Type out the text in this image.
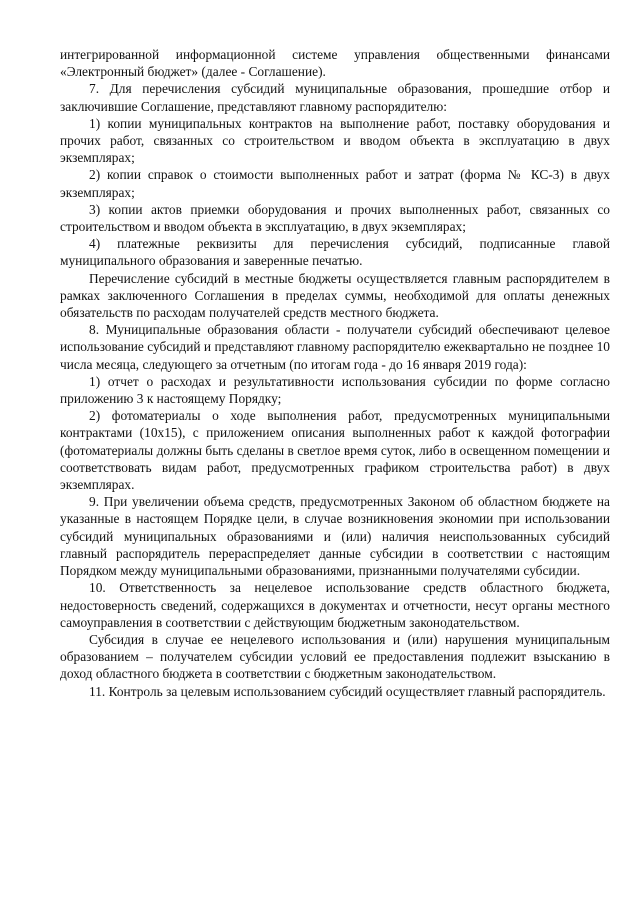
интегрированной информационной системе управления общественными финансами «Электронный бюджет» (далее - Соглашение).

7. Для перечисления субсидий муниципальные образования, прошедшие отбор и заключившие Соглашение, представляют главному распорядителю:

1) копии муниципальных контрактов на выполнение работ, поставку оборудования и прочих работ, связанных со строительством и вводом объекта в эксплуатацию в двух экземплярах;

2) копии справок о стоимости выполненных работ и затрат (форма № КС-3) в двух экземплярах;

3) копии актов приемки оборудования и прочих выполненных работ, связанных со строительством и вводом объекта в эксплуатацию, в двух экземплярах;

4) платежные реквизиты для перечисления субсидий, подписанные главой муниципального образования и заверенные печатью.

Перечисление субсидий в местные бюджеты осуществляется главным распорядителем в рамках заключенного Соглашения в пределах суммы, необходимой для оплаты денежных обязательств по расходам получателей средств местного бюджета.

8. Муниципальные образования области - получатели субсидий обеспечивают целевое использование субсидий и представляют главному распорядителю ежеквартально не позднее 10 числа месяца, следующего за отчетным (по итогам года - до 16 января 2019 года):

1) отчет о расходах и результативности использования субсидии по форме согласно приложению 3 к настоящему Порядку;

2) фотоматериалы о ходе выполнения работ, предусмотренных муниципальными контрактами (10х15), с приложением описания выполненных работ к каждой фотографии (фотоматериалы должны быть сделаны в светлое время суток, либо в освещенном помещении и соответствовать видам работ, предусмотренных графиком строительства работ) в двух экземплярах.

9. При увеличении объема средств, предусмотренных Законом об областном бюджете на указанные в настоящем Порядке цели, в случае возникновения экономии при использовании субсидий муниципальных образованиями и (или) наличия неиспользованных субсидий главный распорядитель перераспределяет данные субсидии в соответствии с настоящим Порядком между муниципальными образованиями, признанными получателями субсидии.

10. Ответственность за нецелевое использование средств областного бюджета, недостоверность сведений, содержащихся в документах и отчетности, несут органы местного самоуправления в соответствии с действующим бюджетным законодательством.

Субсидия в случае ее нецелевого использования и (или) нарушения муниципальным образованием – получателем субсидии условий ее предоставления подлежит взысканию в доход областного бюджета в соответствии с бюджетным законодательством.

11. Контроль за целевым использованием субсидий осуществляет главный распорядитель.
